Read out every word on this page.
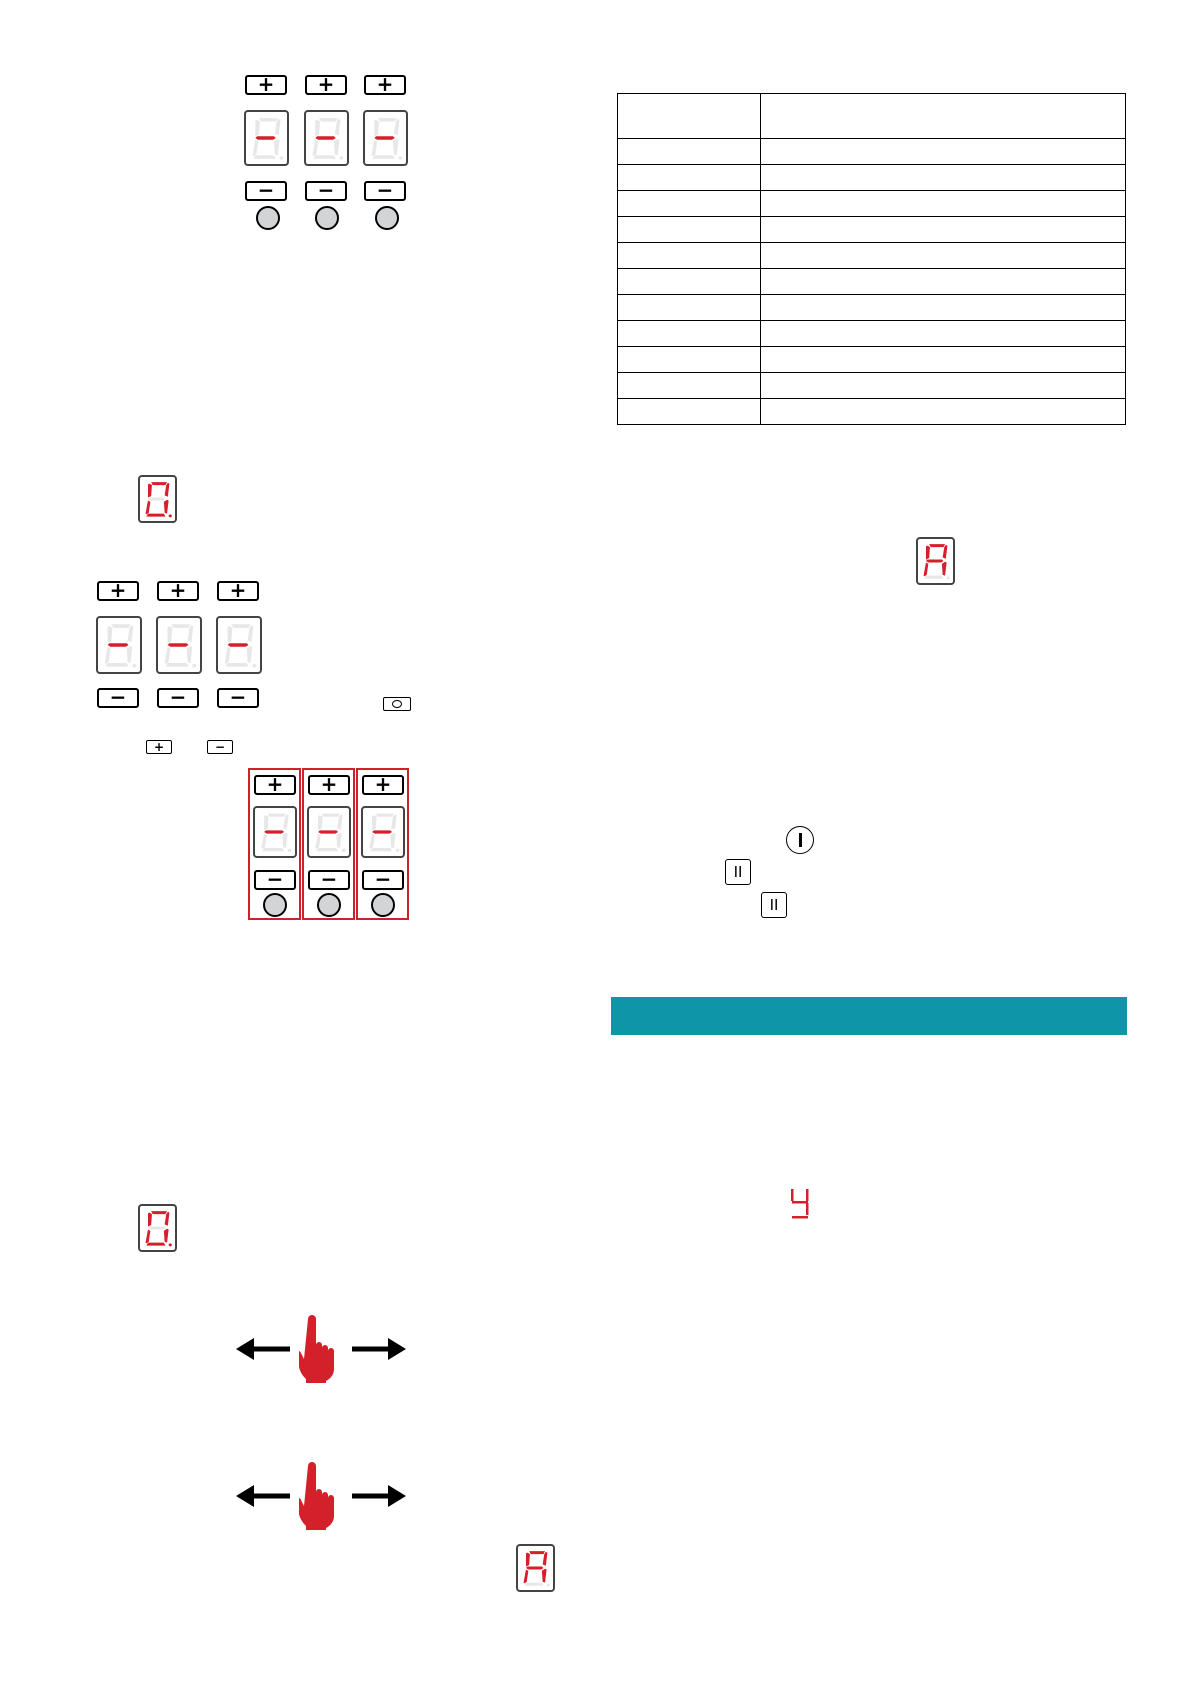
+ + +
− − −
+ + +
− − −
+	−
+ + +
− − −

		II
II
